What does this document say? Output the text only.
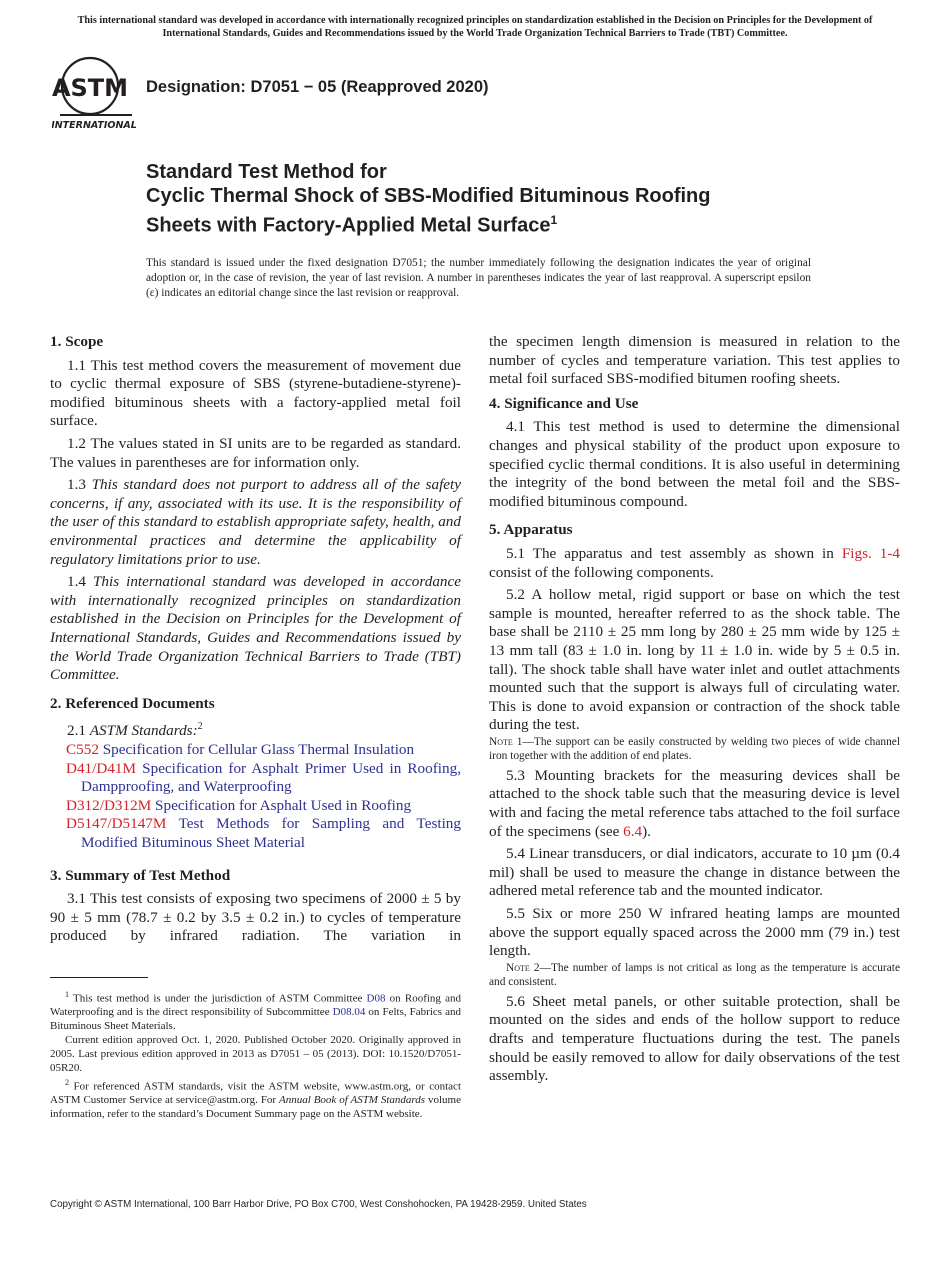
This international standard was developed in accordance with internationally recognized principles on standardization established in the Decision on Principles for the Development of International Standards, Guides and Recommendations issued by the World Trade Organization Technical Barriers to Trade (TBT) Committee.
ASTM
INTERNATIONAL
Designation: D7051 − 05 (Reapproved 2020)
Standard Test Method for
Cyclic Thermal Shock of SBS-Modified Bituminous Roofing
Sheets with Factory-Applied Metal Surface$^1$
This standard is issued under the fixed designation D7051; the number immediately following the designation indicates the year of original adoption or, in the case of revision, the year of last revision. A number in parentheses indicates the year of last reapproval. A superscript epsilon (ε) indicates an editorial change since the last revision or reapproval.
1. Scope

1.1 This test method covers the measurement of movement due to cyclic thermal exposure of SBS (styrene-butadiene-styrene)-modified bituminous sheets with a factory-applied metal foil surface.

1.2 The values stated in SI units are to be regarded as standard. The values in parentheses are for information only.

1.3 This standard does not purport to address all of the safety concerns, if any, associated with its use. It is the responsibility of the user of this standard to establish appropriate safety, health, and environmental practices and determine the applicability of regulatory limitations prior to use.

1.4 This international standard was developed in accordance with internationally recognized principles on standardization established in the Decision on Principles for the Development of International Standards, Guides and Recommendations issued by the World Trade Organization Technical Barriers to Trade (TBT) Committee.

2. Referenced Documents

2.1 ASTM Standards:$^2$

C552 Specification for Cellular Glass Thermal Insulation
D41/D41M Specification for Asphalt Primer Used in Roofing, Dampproofing, and Waterproofing
D312/D312M Specification for Asphalt Used in Roofing
D5147/D5147M Test Methods for Sampling and Testing Modified Bituminous Sheet Material
3. Summary of Test Method

3.1 This test consists of exposing two specimens of 2000 ± 5 by 90 ± 5 mm (78.7 ± 0.2 by 3.5 ± 0.2 in.) to cycles of temperature produced by infrared radiation. The variation in

$^1$ This test method is under the jurisdiction of ASTM Committee D08 on Roofing and Waterproofing and is the direct responsibility of Subcommittee D08.04 on Felts, Fabrics and Bituminous Sheet Materials.

Current edition approved Oct. 1, 2020. Published October 2020. Originally approved in 2005. Last previous edition approved in 2013 as D7051 – 05 (2013). DOI: 10.1520/D7051-05R20.

$^2$ For referenced ASTM standards, visit the ASTM website, www.astm.org, or contact ASTM Customer Service at service@astm.org. For Annual Book of ASTM Standards volume information, refer to the standard’s Document Summary page on the ASTM website.

the specimen length dimension is measured in relation to the number of cycles and temperature variation. This test applies to metal foil surfaced SBS-modified bitumen roofing sheets.

4. Significance and Use

4.1 This test method is used to determine the dimensional changes and physical stability of the product upon exposure to specified cyclic thermal conditions. It is also useful in determining the integrity of the bond between the metal foil and the SBS-modified bituminous compound.

5. Apparatus

5.1 The apparatus and test assembly as shown in Figs. 1-4 consist of the following components.

5.2 A hollow metal, rigid support or base on which the test sample is mounted, hereafter referred to as the shock table. The base shall be 2110 ± 25 mm long by 280 ± 25 mm wide by 125 ± 13 mm tall (83 ± 1.0 in. long by 11 ± 1.0 in. wide by 5 ± 0.5 in. tall). The shock table shall have water inlet and outlet attachments mounted such that the support is always full of circulating water. This is done to avoid expansion or contraction of the shock table during the test.

Note 1—The support can be easily constructed by welding two pieces of wide channel iron together with the addition of end plates.

5.3 Mounting brackets for the measuring devices shall be attached to the shock table such that the measuring device is level with and facing the metal reference tabs attached to the foil surface of the specimens (see 6.4).

5.4 Linear transducers, or dial indicators, accurate to 10 µm (0.4 mil) shall be used to measure the change in distance between the adhered metal reference tab and the mounted indicator.

5.5 Six or more 250 W infrared heating lamps are mounted above the support equally spaced across the 2000 mm (79 in.) test length.

Note 2—The number of lamps is not critical as long as the temperature is accurate and consistent.

5.6 Sheet metal panels, or other suitable protection, shall be mounted on the sides and ends of the hollow support to reduce drafts and temperature fluctuations during the test. The panels should be easily removed to allow for daily observations of the test assembly.

Copyright © ASTM International, 100 Barr Harbor Drive, PO Box C700, West Conshohocken, PA 19428-2959. United States
